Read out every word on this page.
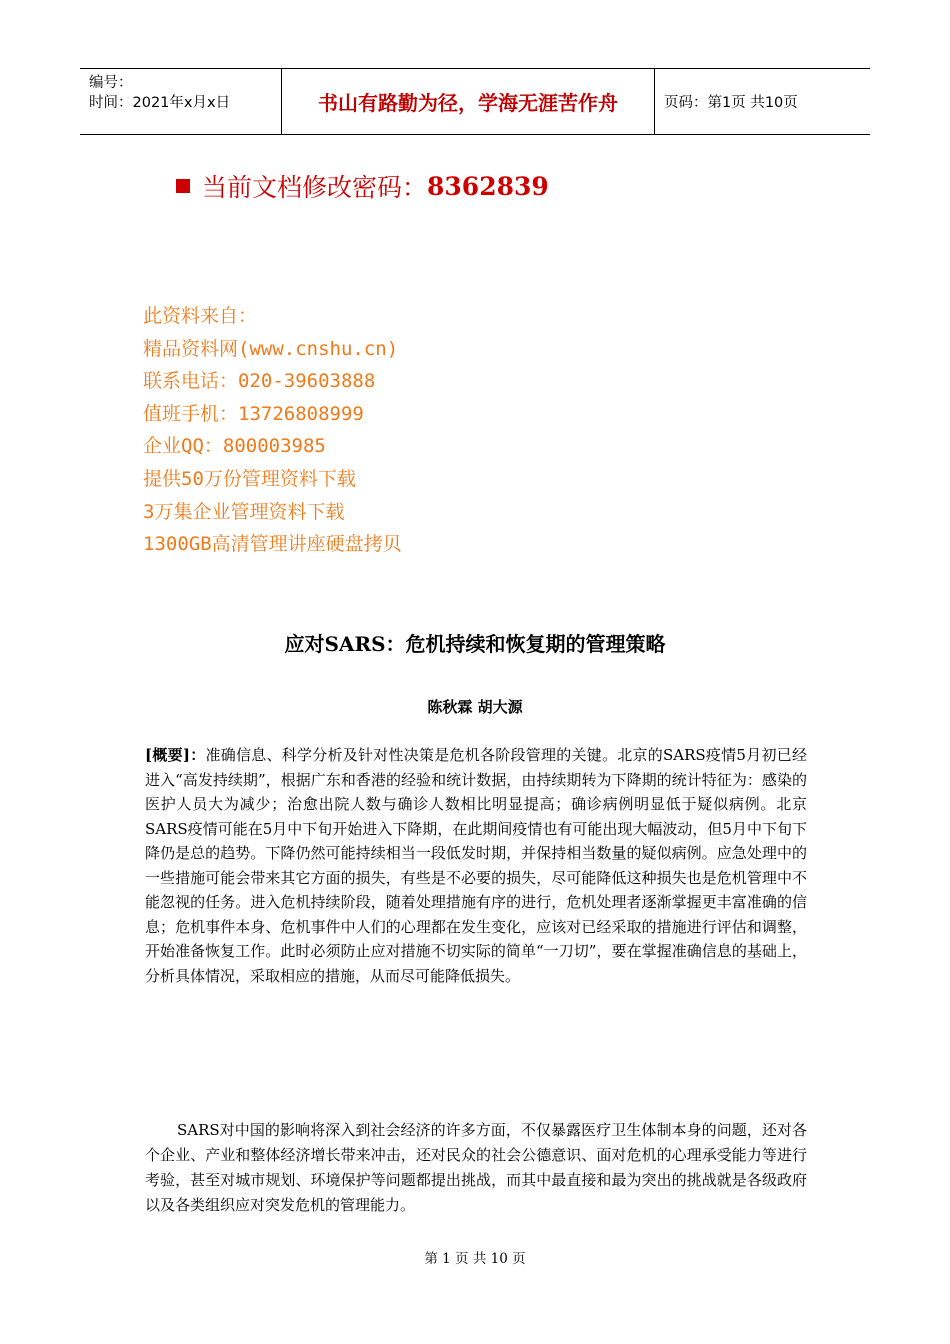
编号：
时间：2021年x月x日	书山有路勤为径，学海无涯苦作舟	页码：第1页 共10页
当前文档修改密码： 8362839
此资料来自：
精品资料网(www.cnshu.cn)
联系电话：020-39603888
值班手机：13726808999
企业QQ：800003985
提供50万份管理资料下载
3万集企业管理资料下载
1300GB高清管理讲座硬盘拷贝
应对SARS：危机持续和恢复期的管理策略
陈秋霖 胡大源
[概要]：准确信息、科学分析及针对性决策是危机各阶段管理的关键。北京的SARS疫情5月初已经进入“高发持续期”，根据广东和香港的经验和统计数据，由持续期转为下降期的统计特征为：感染的医护人员大为减少；治愈出院人数与确诊人数相比明显提高；确诊病例明显低于疑似病例。北京SARS疫情可能在5月中下旬开始进入下降期，在此期间疫情也有可能出现大幅波动，但5月中下旬下降仍是总的趋势。下降仍然可能持续相当一段低发时期，并保持相当数量的疑似病例。应急处理中的一些措施可能会带来其它方面的损失，有些是不必要的损失，尽可能降低这种损失也是危机管理中不能忽视的任务。进入危机持续阶段，随着处理措施有序的进行，危机处理者逐渐掌握更丰富准确的信息；危机事件本身、危机事件中人们的心理都在发生变化，应该对已经采取的措施进行评估和调整，开始准备恢复工作。此时必须防止应对措施不切实际的简单“一刀切”，要在掌握准确信息的基础上，分析具体情况，采取相应的措施，从而尽可能降低损失。

SARS对中国的影响将深入到社会经济的许多方面，不仅暴露医疗卫生体制本身的问题，还对各个企业、产业和整体经济增长带来冲击，还对民众的社会公德意识、面对危机的心理承受能力等进行考验，甚至对城市规划、环境保护等问题都提出挑战，而其中最直接和最为突出的挑战就是各级政府以及各类组织应对突发危机的管理能力。

第 1 页 共 10 页
